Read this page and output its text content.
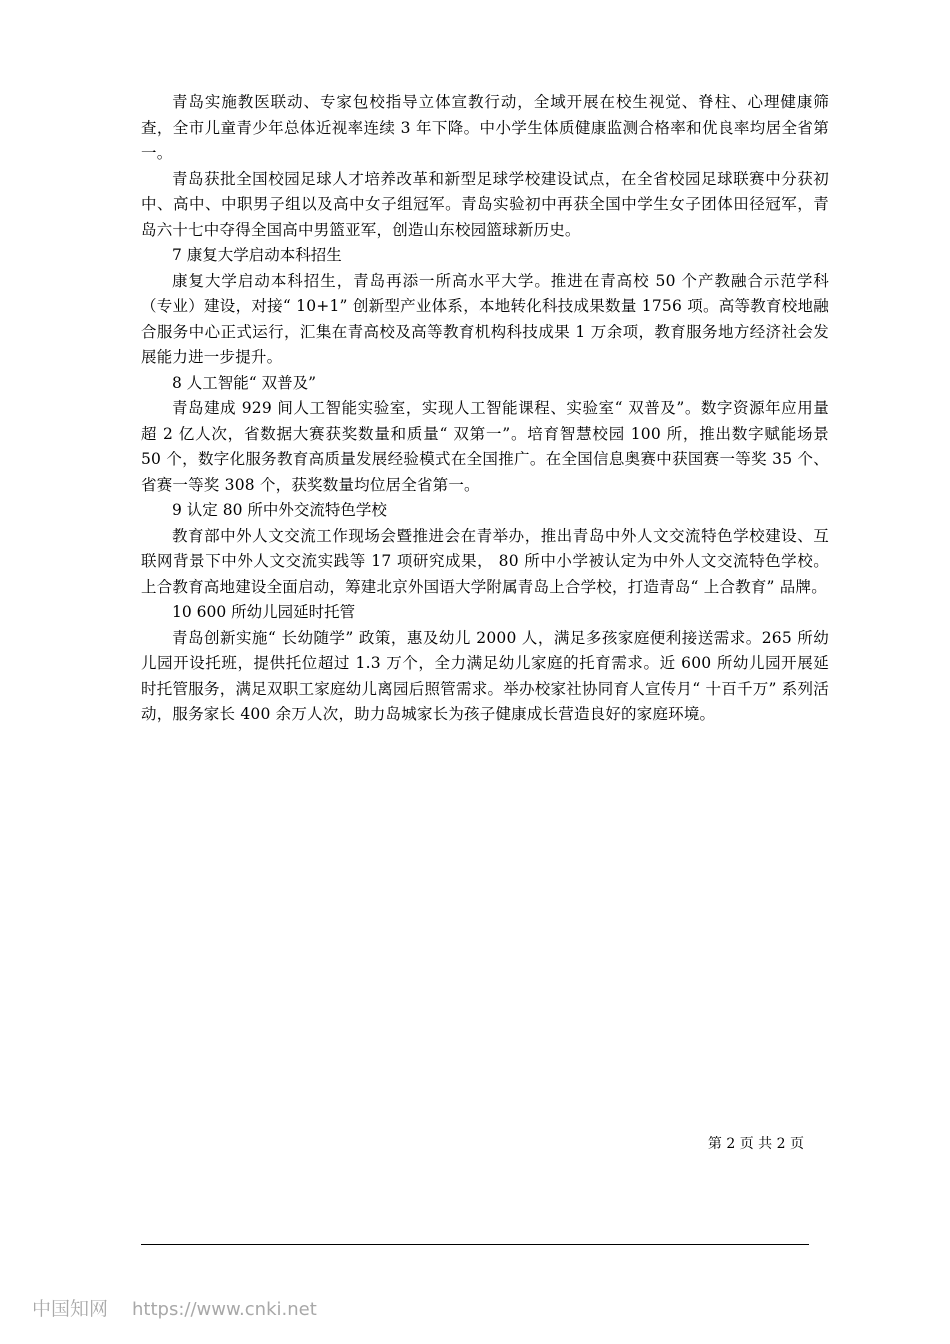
青岛实施教医联动、专家包校指导立体宣教行动，全域开展在校生视觉、脊柱、心理健康筛查，全市儿童青少年总体近视率连续 3 年下降。中小学生体质健康监测合格率和优良率均居全省第一。

青岛获批全国校园足球人才培养改革和新型足球学校建设试点，在全省校园足球联赛中分获初中、高中、中职男子组以及高中女子组冠军。青岛实验初中再获全国中学生女子团体田径冠军，青岛六十七中夺得全国高中男篮亚军，创造山东校园篮球新历史。

7 康复大学启动本科招生

康复大学启动本科招生，青岛再添一所高水平大学。推进在青高校 50 个产教融合示范学科（专业）建设，对接“ 10+1” 创新型产业体系，本地转化科技成果数量 1756 项。高等教育校地融合服务中心正式运行，汇集在青高校及高等教育机构科技成果 1 万余项，教育服务地方经济社会发展能力进一步提升。

8 人工智能“ 双普及”

青岛建成 929 间人工智能实验室，实现人工智能课程、实验室“ 双普及”。数字资源年应用量超 2 亿人次，省数据大赛获奖数量和质量“ 双第一”。培育智慧校园 100 所，推出数字赋能场景 50 个，数字化服务教育高质量发展经验模式在全国推广。在全国信息奥赛中获国赛一等奖 35 个、省赛一等奖 308 个，获奖数量均位居全省第一。

9 认定 80 所中外交流特色学校

教育部中外人文交流工作现场会暨推进会在青举办，推出青岛中外人文交流特色学校建设、互联网背景下中外人文交流实践等 17 项研究成果， 80 所中小学被认定为中外人文交流特色学校。上合教育高地建设全面启动，筹建北京外国语大学附属青岛上合学校，打造青岛“ 上合教育” 品牌。

10 600 所幼儿园延时托管

青岛创新实施“ 长幼随学” 政策，惠及幼儿 2000 人，满足多孩家庭便利接送需求。265 所幼儿园开设托班，提供托位超过 1.3 万个，全力满足幼儿家庭的托育需求。近 600 所幼儿园开展延时托管服务，满足双职工家庭幼儿离园后照管需求。举办校家社协同育人宣传月“ 十百千万” 系列活动，服务家长 400 余万人次，助力岛城家长为孩子健康成长营造良好的家庭环境。

第 2 页 共 2 页
中国知网 https://www.cnki.net
